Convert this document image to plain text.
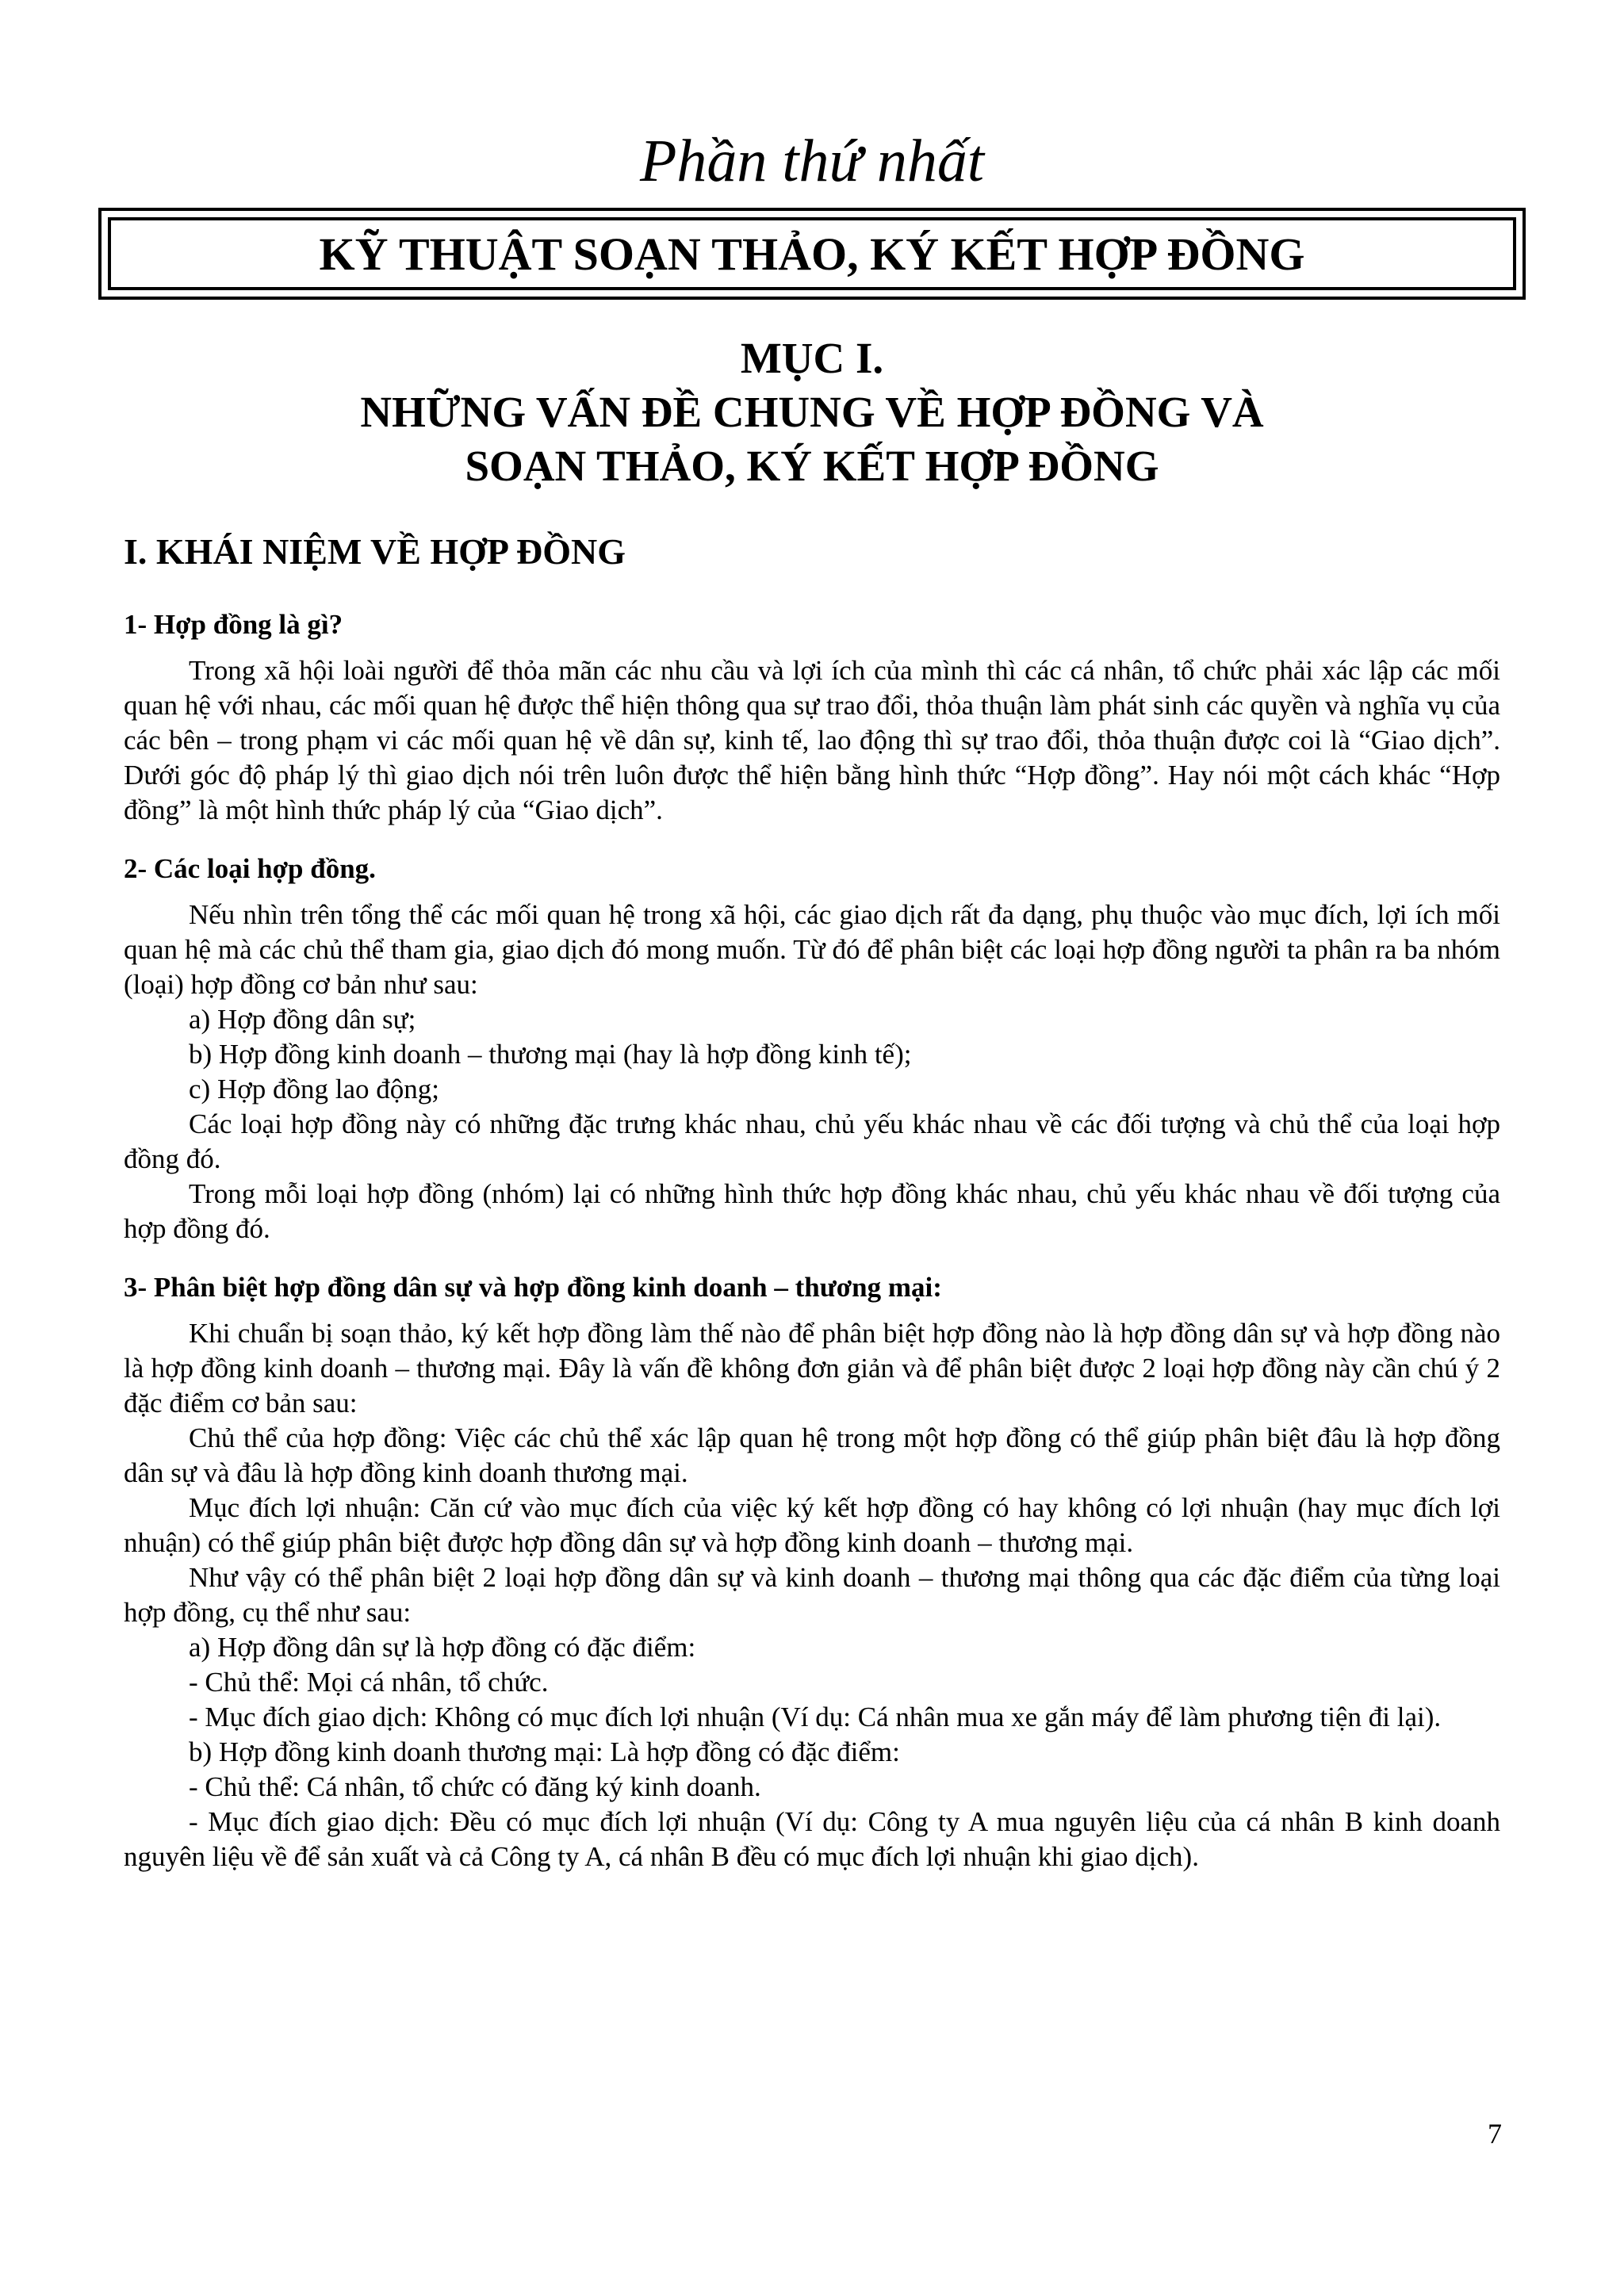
Phần thứ nhất
KỸ THUẬT SOẠN THẢO, KÝ KẾT HỢP ĐỒNG
MỤC I.
NHỮNG VẤN ĐỀ CHUNG VỀ HỢP ĐỒNG VÀ
SOẠN THẢO, KÝ KẾT HỢP ĐỒNG
I. KHÁI NIỆM VỀ HỢP ĐỒNG
1- Hợp đồng là gì?

Trong xã hội loài người để thỏa mãn các nhu cầu và lợi ích của mình thì các cá nhân, tổ chức phải xác lập các mối quan hệ với nhau, các mối quan hệ được thể hiện thông qua sự trao đổi, thỏa thuận làm phát sinh các quyền và nghĩa vụ của các bên – trong phạm vi các mối quan hệ về dân sự, kinh tế, lao động thì sự trao đổi, thỏa thuận được coi là “Giao dịch”. Dưới góc độ pháp lý thì giao dịch nói trên luôn được thể hiện bằng hình thức “Hợp đồng”. Hay nói một cách khác “Hợp đồng” là một hình thức pháp lý của “Giao dịch”.

2- Các loại hợp đồng.

Nếu nhìn trên tổng thể các mối quan hệ trong xã hội, các giao dịch rất đa dạng, phụ thuộc vào mục đích, lợi ích mối quan hệ mà các chủ thể tham gia, giao dịch đó mong muốn. Từ đó để phân biệt các loại hợp đồng người ta phân ra ba nhóm (loại) hợp đồng cơ bản như sau:

a) Hợp đồng dân sự;

b) Hợp đồng kinh doanh – thương mại (hay là hợp đồng kinh tế);

c) Hợp đồng lao động;

Các loại hợp đồng này có những đặc trưng khác nhau, chủ yếu khác nhau về các đối tượng và chủ thể của loại hợp đồng đó.

Trong mỗi loại hợp đồng (nhóm) lại có những hình thức hợp đồng khác nhau, chủ yếu khác nhau về đối tượng của hợp đồng đó.

3- Phân biệt hợp đồng dân sự và hợp đồng kinh doanh – thương mại:

Khi chuẩn bị soạn thảo, ký kết hợp đồng làm thế nào để phân biệt hợp đồng nào là hợp đồng dân sự và hợp đồng nào là hợp đồng kinh doanh – thương mại. Đây là vấn đề không đơn giản và để phân biệt được 2 loại hợp đồng này cần chú ý 2 đặc điểm cơ bản sau:

Chủ thể của hợp đồng: Việc các chủ thể xác lập quan hệ trong một hợp đồng có thể giúp phân biệt đâu là hợp đồng dân sự và đâu là hợp đồng kinh doanh thương mại.

Mục đích lợi nhuận: Căn cứ vào mục đích của việc ký kết hợp đồng có hay không có lợi nhuận (hay mục đích lợi nhuận) có thể giúp phân biệt được hợp đồng dân sự và hợp đồng kinh doanh – thương mại.

Như vậy có thể phân biệt 2 loại hợp đồng dân sự và kinh doanh – thương mại thông qua các đặc điểm của từng loại hợp đồng, cụ thể như sau:

a) Hợp đồng dân sự là hợp đồng có đặc điểm:

- Chủ thể: Mọi cá nhân, tổ chức.

- Mục đích giao dịch: Không có mục đích lợi nhuận (Ví dụ: Cá nhân mua xe gắn máy để làm phương tiện đi lại).

b) Hợp đồng kinh doanh thương mại: Là hợp đồng có đặc điểm:

- Chủ thể: Cá nhân, tổ chức có đăng ký kinh doanh.

- Mục đích giao dịch: Đều có mục đích lợi nhuận (Ví dụ: Công ty A mua nguyên liệu của cá nhân B kinh doanh nguyên liệu về để sản xuất và cả Công ty A, cá nhân B đều có mục đích lợi nhuận khi giao dịch).

7
